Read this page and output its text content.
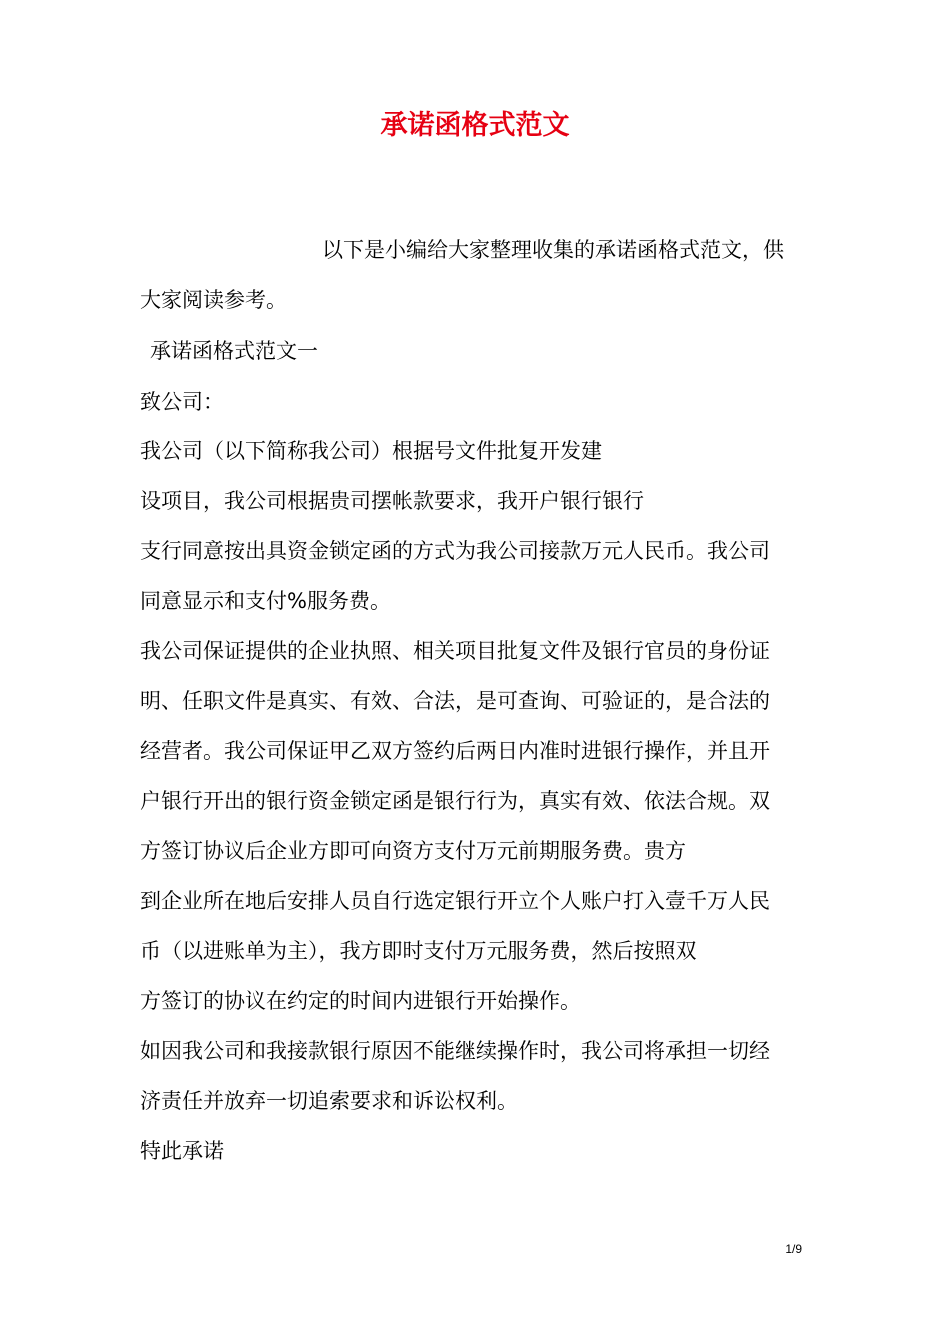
承诺函格式范文
以下是小编给大家整理收集的承诺函格式范文，供
大家阅读参考。
承诺函格式范文一
致公司：
我公司（以下简称我公司）根据号文件批复开发建
设项目，我公司根据贵司摆帐款要求，我开户银行银行
支行同意按出具资金锁定函的方式为我公司接款万元人民币。我公司
同意显示和支付%服务费。
我公司保证提供的企业执照、相关项目批复文件及银行官员的身份证
明、任职文件是真实、有效、合法，是可查询、可验证的，是合法的
经营者。我公司保证甲乙双方签约后两日内准时进银行操作，并且开
户银行开出的银行资金锁定函是银行行为，真实有效、依法合规。双
方签订协议后企业方即可向资方支付万元前期服务费。贵方
到企业所在地后安排人员自行选定银行开立个人账户打入壹千万人民
币（以进账单为主），我方即时支付万元服务费，然后按照双
方签订的协议在约定的时间内进银行开始操作。
如因我公司和我接款银行原因不能继续操作时，我公司将承担一切经
济责任并放弃一切追索要求和诉讼权利。
特此承诺
1/9
